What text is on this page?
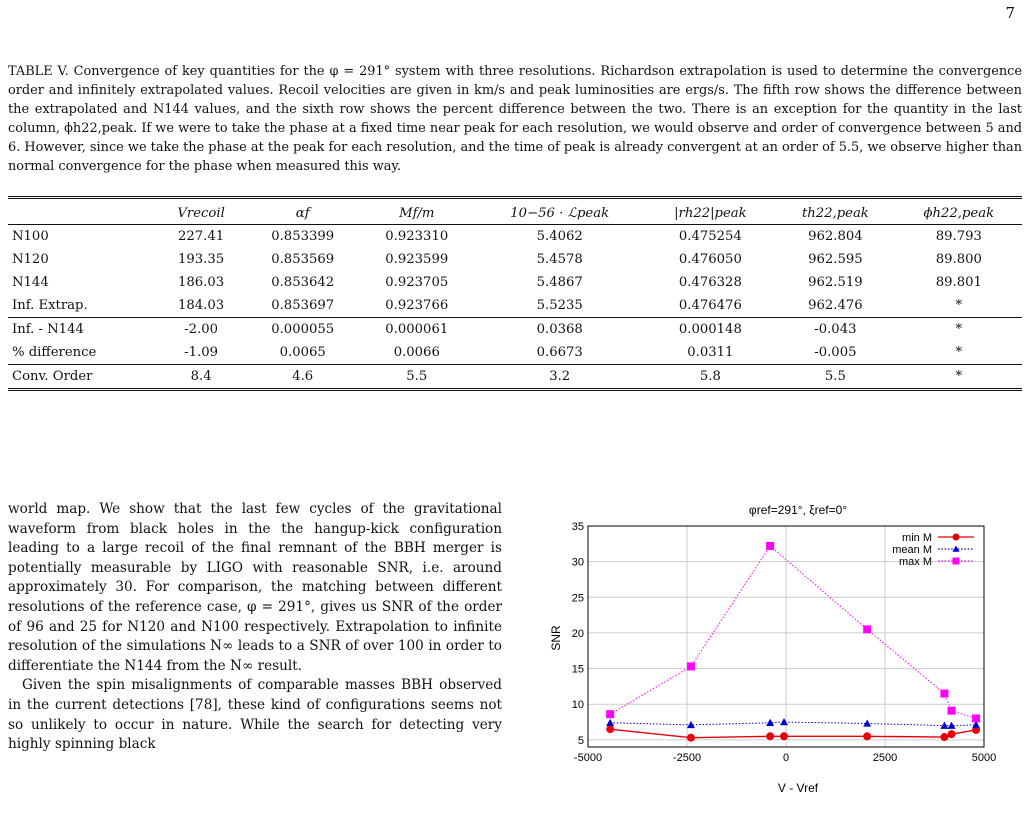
7
TABLE V. Convergence of key quantities for the φ = 291° system with three resolutions. Richardson extrapolation is used to determine the convergence order and infinitely extrapolated values. Recoil velocities are given in km/s and peak luminosities are ergs/s. The fifth row shows the difference between the extrapolated and N144 values, and the sixth row shows the percent difference between the two. There is an exception for the quantity in the last column, ϕh22,peak. If we were to take the phase at a fixed time near peak for each resolution, we would observe and order of convergence between 5 and 6. However, since we take the phase at the peak for each resolution, and the time of peak is already convergent at an order of 5.5, we observe higher than normal convergence for the phase when measured this way.
	Vrecoil	αf	Mf/m	10−56 · ℒpeak	|rh22|peak	th22,peak	ϕh22,peak
N100	227.41	0.853399	0.923310	5.4062	0.475254	962.804	89.793
N120	193.35	0.853569	0.923599	5.4578	0.476050	962.595	89.800
N144	186.03	0.853642	0.923705	5.4867	0.476328	962.519	89.801
Inf. Extrap.	184.03	0.853697	0.923766	5.5235	0.476476	962.476	*
Inf. - N144	-2.00	0.000055	0.000061	0.0368	0.000148	-0.043	*
% difference	-1.09	0.0065	0.0066	0.6673	0.0311	-0.005	*
Conv. Order	8.4	4.6	5.5	3.2	5.8	5.5	*

world map. We show that the last few cycles of the gravitational waveform from black holes in the the hangup-kick configuration leading to a large recoil of the final remnant of the BBH merger is potentially measurable by LIGO with reasonable SNR, i.e. around approximately 30. For comparison, the matching between different resolutions of the reference case, φ = 291°, gives us SNR of the order of 96 and 25 for N120 and N100 respectively. Extrapolation to infinite resolution of the simulations N∞ leads to a SNR of over 100 in order to differentiate the N144 from the N∞ result.

Given the spin misalignments of comparable masses BBH observed in the current detections [78], these kind of configurations seems not so unlikely to occur in nature. While the search for detecting very highly spinning black

φref=291°, ξref=0°
V - Vref
SNR
-5000	-2500	0	2500	5000
5
10
15
20
25
30
35
min M
mean M
max M
